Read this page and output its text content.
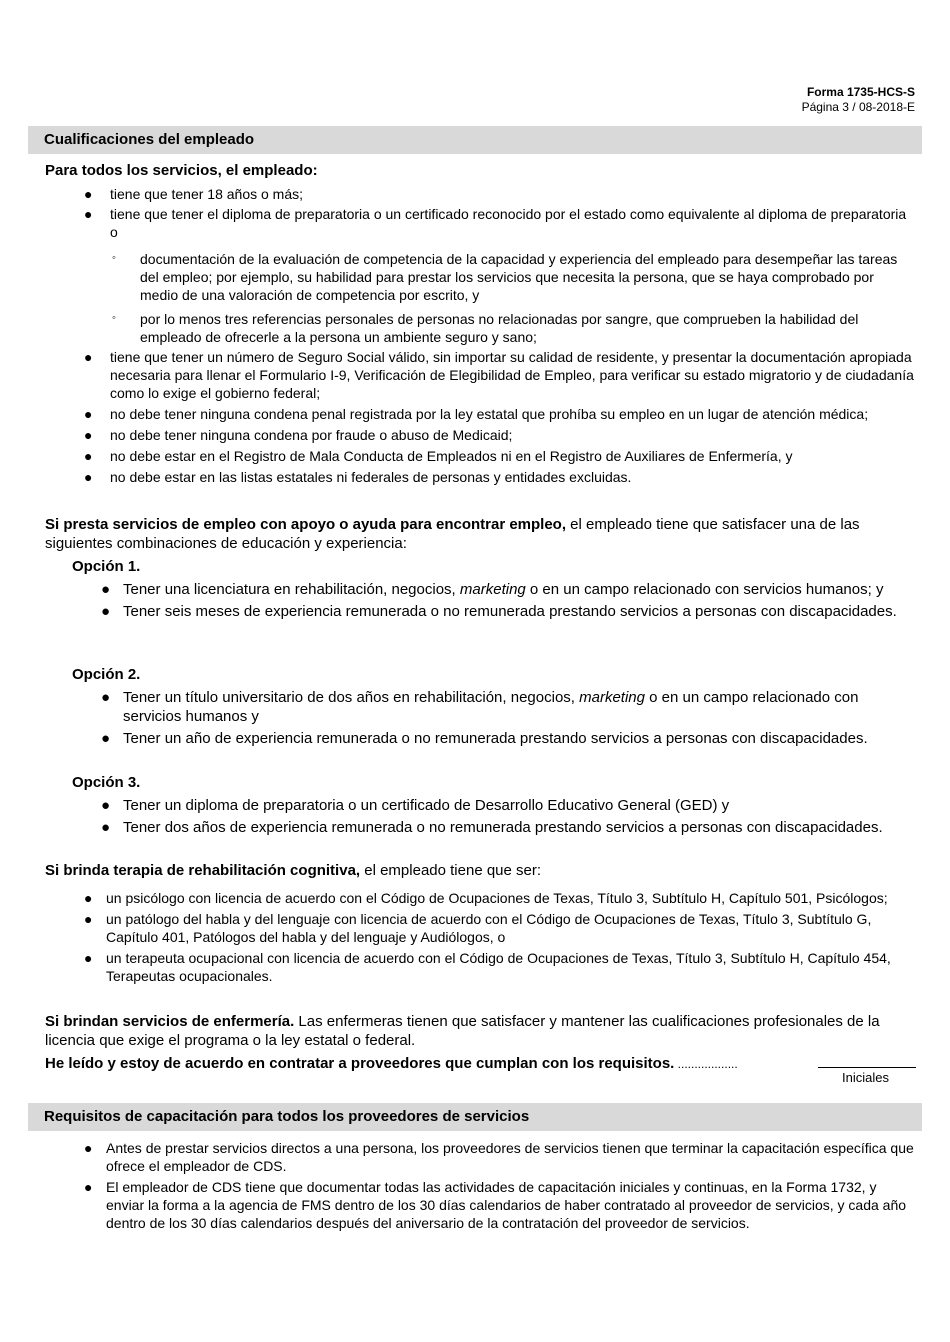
Forma 1735-HCS-S
Página 3 / 08-2018-E
Cualificaciones del empleado
Para todos los servicios, el empleado:
● tiene que tener 18 años o más;
● tiene que tener el diploma de preparatoria o un certificado reconocido por el estado como equivalente al diploma de preparatoria o
◦ documentación de la evaluación de competencia de la capacidad y experiencia del empleado para desempeñar las tareas del empleo; por ejemplo, su habilidad para prestar los servicios que necesita la persona, que se haya comprobado por medio de una valoración de competencia por escrito, y
◦ por lo menos tres referencias personales de personas no relacionadas por sangre, que comprueben la habilidad del empleado de ofrecerle a la persona un ambiente seguro y sano;
● tiene que tener un número de Seguro Social válido, sin importar su calidad de residente, y presentar la documentación apropiada necesaria para llenar el Formulario I-9, Verificación de Elegibilidad de Empleo, para verificar su estado migratorio y de ciudadanía como lo exige el gobierno federal;
● no debe tener ninguna condena penal registrada por la ley estatal que prohíba su empleo en un lugar de atención médica;
● no debe tener ninguna condena por fraude o abuso de Medicaid;
● no debe estar en el Registro de Mala Conducta de Empleados ni en el Registro de Auxiliares de Enfermería, y
● no debe estar en las listas estatales ni federales de personas y entidades excluidas.
Si presta servicios de empleo con apoyo o ayuda para encontrar empleo, el empleado tiene que satisfacer una de las siguientes combinaciones de educación y experiencia:
Opción 1.
● Tener una licenciatura en rehabilitación, negocios, marketing o en un campo relacionado con servicios humanos; y
● Tener seis meses de experiencia remunerada o no remunerada prestando servicios a personas con discapacidades.
Opción 2.
● Tener un título universitario de dos años en rehabilitación, negocios, marketing o en un campo relacionado con servicios humanos y
● Tener un año de experiencia remunerada o no remunerada prestando servicios a personas con discapacidades.
Opción 3.
● Tener un diploma de preparatoria o un certificado de Desarrollo Educativo General (GED) y
● Tener dos años de experiencia remunerada o no remunerada prestando servicios a personas con discapacidades.
Si brinda terapia de rehabilitación cognitiva, el empleado tiene que ser:
● un psicólogo con licencia de acuerdo con el Código de Ocupaciones de Texas, Título 3, Subtítulo H, Capítulo 501, Psicólogos;
● un patólogo del habla y del lenguaje con licencia de acuerdo con el Código de Ocupaciones de Texas, Título 3, Subtítulo G, Capítulo 401, Patólogos del habla y del lenguaje y Audiólogos, o
● un terapeuta ocupacional con licencia de acuerdo con el Código de Ocupaciones de Texas, Título 3, Subtítulo H, Capítulo 454, Terapeutas ocupacionales.
Si brindan servicios de enfermería. Las enfermeras tienen que satisfacer y mantener las cualificaciones profesionales de la licencia que exige el programa o la ley estatal o federal.
He leído y estoy de acuerdo en contratar a proveedores que cumplan con los requisitos. ..................
Iniciales
Requisitos de capacitación para todos los proveedores de servicios
● Antes de prestar servicios directos a una persona, los proveedores de servicios tienen que terminar la capacitación específica que ofrece el empleador de CDS.
● El empleador de CDS tiene que documentar todas las actividades de capacitación iniciales y continuas, en la Forma 1732, y enviar la forma a la agencia de FMS dentro de los 30 días calendarios de haber contratado al proveedor de servicios, y cada año dentro de los 30 días calendarios después del aniversario de la contratación del proveedor de servicios.
